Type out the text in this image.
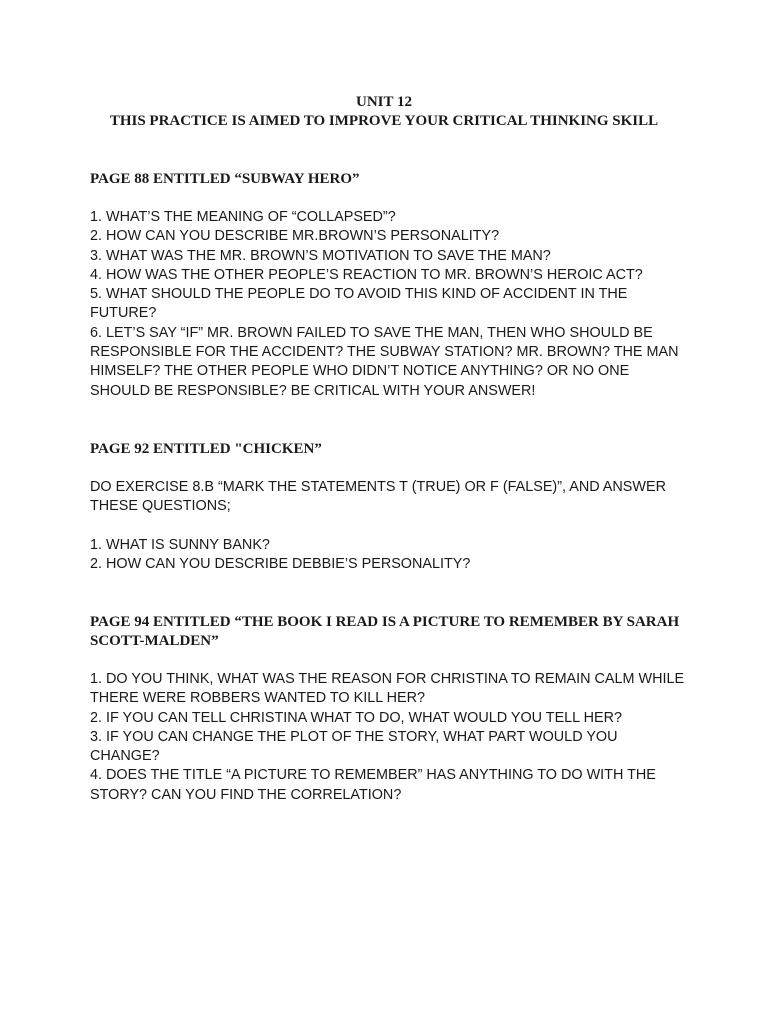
UNIT 12
THIS PRACTICE IS AIMED TO IMPROVE YOUR CRITICAL THINKING SKILL
PAGE 88 ENTITLED “SUBWAY HERO”
1. WHAT’S THE MEANING OF “COLLAPSED”?
2. HOW CAN YOU DESCRIBE MR.BROWN’S PERSONALITY?
3. WHAT WAS THE MR. BROWN’S MOTIVATION TO SAVE THE MAN?
4. HOW WAS THE OTHER PEOPLE’S REACTION TO MR. BROWN’S HEROIC ACT?
5. WHAT SHOULD THE PEOPLE DO TO AVOID THIS KIND OF ACCIDENT IN THE FUTURE?
6. LET’S SAY “IF” MR. BROWN FAILED TO SAVE THE MAN, THEN WHO SHOULD BE RESPONSIBLE FOR THE ACCIDENT? THE SUBWAY STATION? MR. BROWN? THE MAN HIMSELF? THE OTHER PEOPLE WHO DIDN’T NOTICE ANYTHING? OR NO ONE SHOULD BE RESPONSIBLE? BE CRITICAL WITH YOUR ANSWER!
PAGE 92 ENTITLED "CHICKEN”

DO EXERCISE 8.B “MARK THE STATEMENTS T (TRUE) OR F (FALSE)”, AND ANSWER THESE QUESTIONS;

1. WHAT IS SUNNY BANK?
2. HOW CAN YOU DESCRIBE DEBBIE’S PERSONALITY?
PAGE 94 ENTITLED “THE BOOK I READ IS A PICTURE TO REMEMBER BY SARAH SCOTT-MALDEN”
1. DO YOU THINK, WHAT WAS THE REASON FOR CHRISTINA TO REMAIN CALM WHILE THERE WERE ROBBERS WANTED TO KILL HER?
2. IF YOU CAN TELL CHRISTINA WHAT TO DO, WHAT WOULD YOU TELL HER?
3. IF YOU CAN CHANGE THE PLOT OF THE STORY, WHAT PART WOULD YOU CHANGE?
4. DOES THE TITLE “A PICTURE TO REMEMBER” HAS ANYTHING TO DO WITH THE STORY? CAN YOU FIND THE CORRELATION?
